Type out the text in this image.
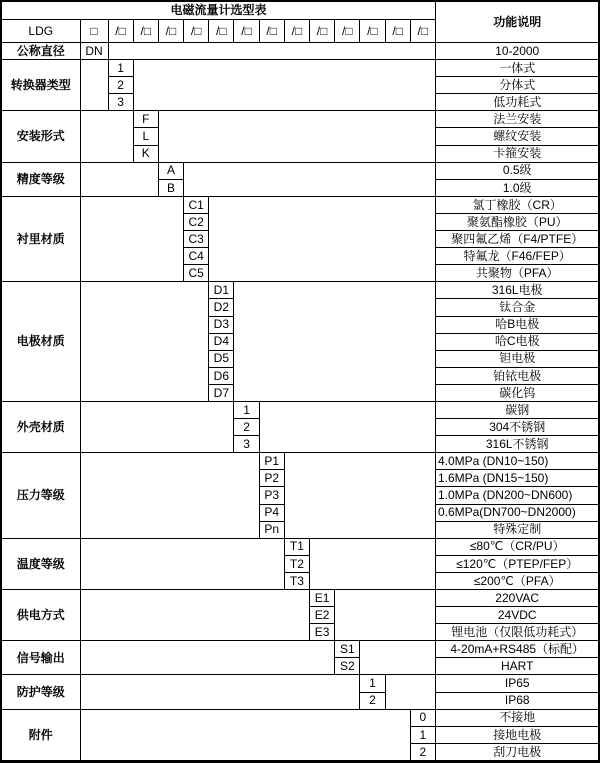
电磁流量计选型表															功能说明
LDG	□	/□	/□	/□	/□	/□	/□	/□	/□	/□	/□	/□	/□	/□	
公称直径	DN														10-2000
转换器类型		1													一体式
		2													分体式
		3													低功耗式
安装形式			F												法兰安装
			L												螺纹安装
			K												卡箍安装
精度等级				A											0.5级
				B											1.0级
衬里材质					C1										氯丁橡胶（CR）
					C2										聚氨酯橡胶（PU）
					C3										聚四氟乙烯（F4/PTFE）
					C4										特氟龙（F46/FEP）
					C5										共聚物（PFA）
电极材质						D1									316L电极
						D2									钛合金
						D3									哈B电极
						D4									哈C电极
						D5									钽电极
						D6									铂铱电极
						D7									碳化钨
外壳材质							1								碳钢
							2								304不锈钢
							3								316L不锈钢
压力等级								P1							4.0MPa (DN10~150)
								P2							1.6MPa (DN15~150)
								P3							1.0MPa (DN200~DN600)
								P4							0.6MPa(DN700~DN2000)
								Pn							特殊定制
温度等级									T1						≤80℃（CR/PU）
									T2						≤120℃（PTEP/FEP）
									T3						≤200℃（PFA）
供电方式										E1					220VAC
										E2					24VDC
										E3					锂电池（仅限低功耗式）
信号输出											S1				4-20mA+RS485（标配）
											S2				HART
防护等级												1			IP65
												2			IP68
附件														0	不接地
														1	接地电极
														2	刮刀电极
